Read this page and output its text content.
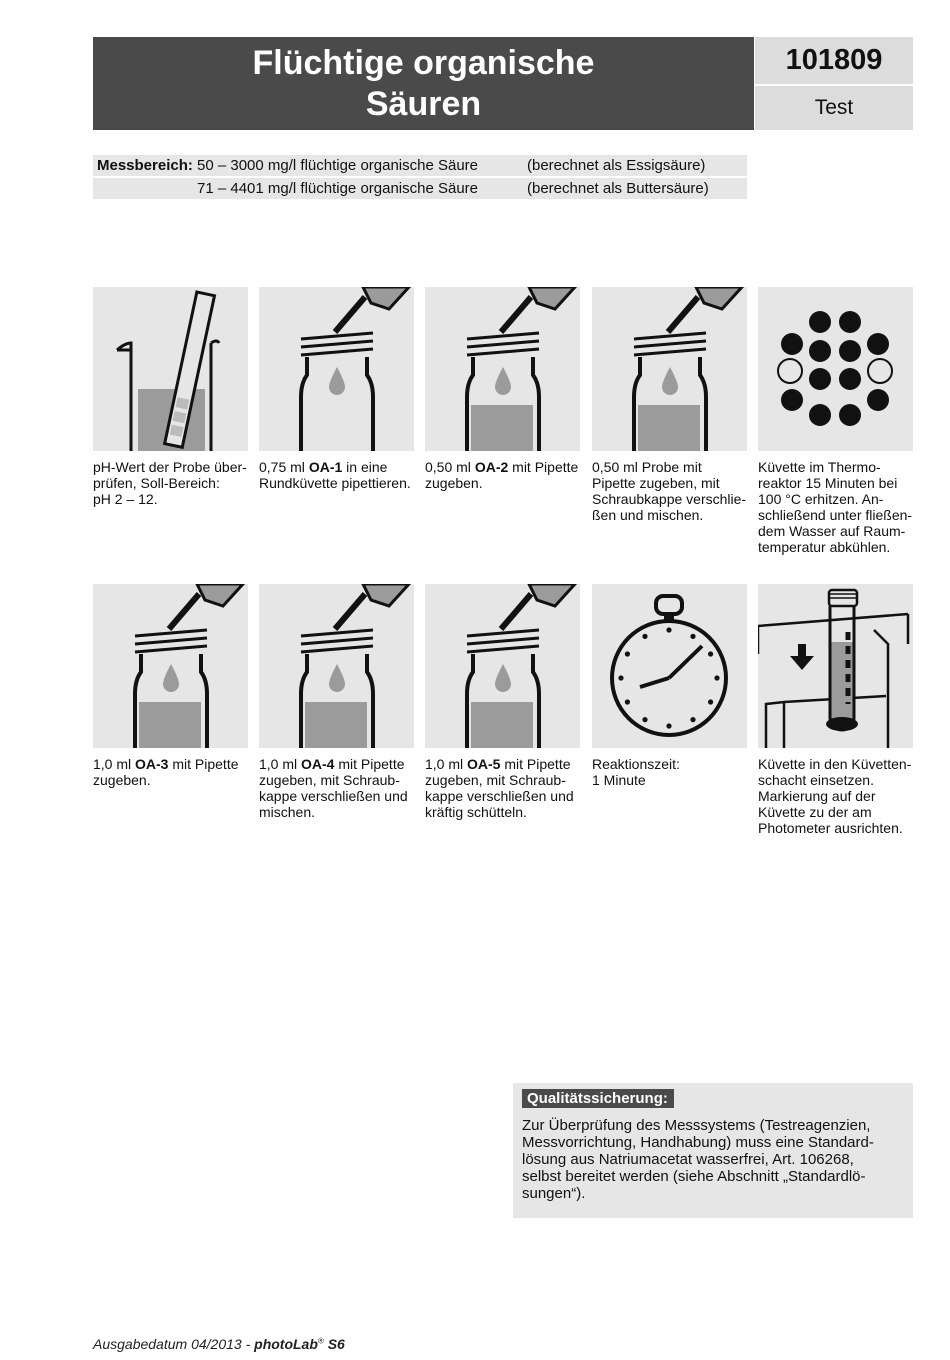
Flüchtige organische
Säuren
101809
Test
Messbereich: 50 – 3000 mg/l flüchtige organische Säure	(berechnet als Essigsäure)
71 – 4401 mg/l flüchtige organische Säure	(berechnet als Buttersäure)
pH-Wert der Probe über-
prüfen, Soll-Bereich:
pH 2 – 12.
0,75 ml OA-1 in eine
Rundküvette pipettieren.
0,50 ml OA-2 mit Pipette
zugeben.
0,50 ml Probe mit
Pipette zugeben, mit
Schraubkappe verschlie-
ßen und mischen.
Küvette im Thermo-
reaktor 15 Minuten bei
100 °C erhitzen. An-
schließend unter fließen-
dem Wasser auf Raum-
temperatur abkühlen.
1,0 ml OA-3 mit Pipette
zugeben.
1,0 ml OA-4 mit Pipette
zugeben, mit Schraub-
kappe verschließen und
mischen.
1,0 ml OA-5 mit Pipette
zugeben, mit Schraub-
kappe verschließen und
kräftig schütteln.
Reaktionszeit:
1 Minute
Küvette in den Küvetten-
schacht einsetzen.
Markierung auf der
Küvette zu der am
Photometer ausrichten.
Qualitätssicherung:
Zur Überprüfung des Messsystems (Testreagenzien,
Messvorrichtung, Handhabung) muss eine Standard-
lösung aus Natriumacetat wasserfrei, Art. 106268,
selbst bereitet werden (siehe Abschnitt „Standardlö-
sungen“).
Ausgabedatum 04/2013 - photoLab® S6
